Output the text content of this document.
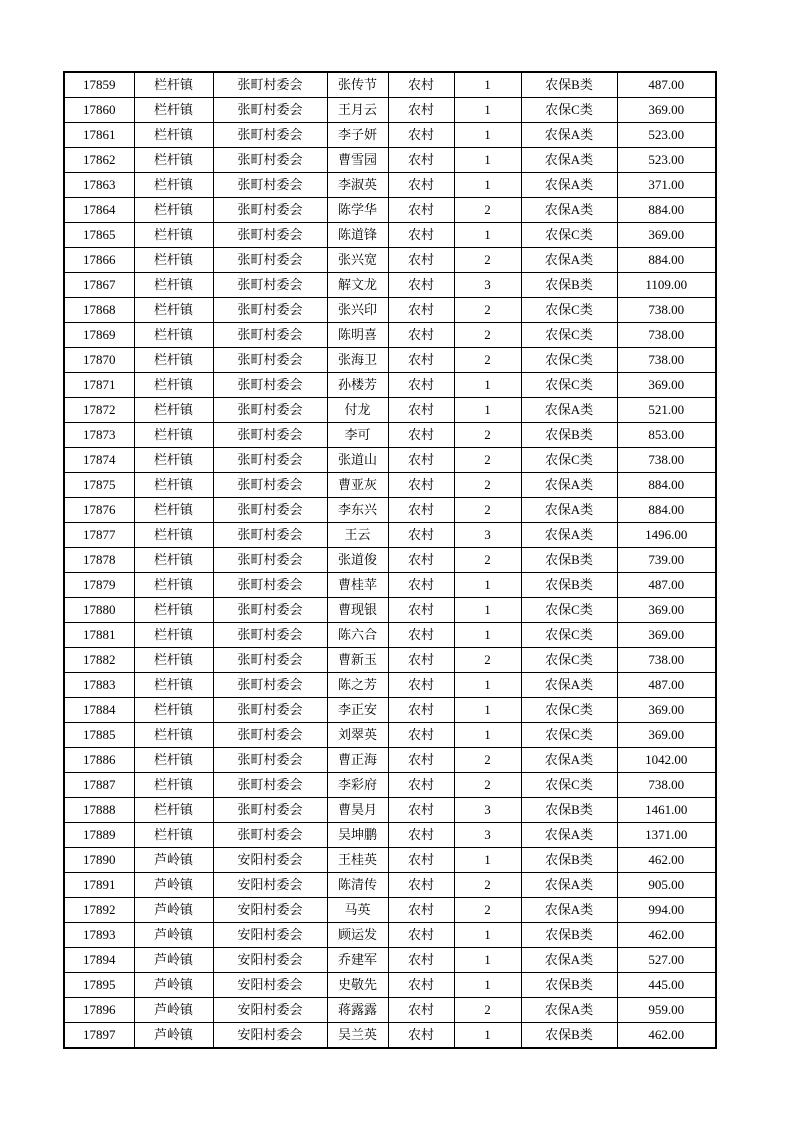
17859	栏杆镇	张町村委会	张传节	农村	1	农保B类	487.00
17860	栏杆镇	张町村委会	王月云	农村	1	农保C类	369.00
17861	栏杆镇	张町村委会	李子妍	农村	1	农保A类	523.00
17862	栏杆镇	张町村委会	曹雪园	农村	1	农保A类	523.00
17863	栏杆镇	张町村委会	李淑英	农村	1	农保A类	371.00
17864	栏杆镇	张町村委会	陈学华	农村	2	农保A类	884.00
17865	栏杆镇	张町村委会	陈道锋	农村	1	农保C类	369.00
17866	栏杆镇	张町村委会	张兴宽	农村	2	农保A类	884.00
17867	栏杆镇	张町村委会	解文龙	农村	3	农保B类	1109.00
17868	栏杆镇	张町村委会	张兴印	农村	2	农保C类	738.00
17869	栏杆镇	张町村委会	陈明喜	农村	2	农保C类	738.00
17870	栏杆镇	张町村委会	张海卫	农村	2	农保C类	738.00
17871	栏杆镇	张町村委会	孙楼芳	农村	1	农保C类	369.00
17872	栏杆镇	张町村委会	付龙	农村	1	农保A类	521.00
17873	栏杆镇	张町村委会	李可	农村	2	农保B类	853.00
17874	栏杆镇	张町村委会	张道山	农村	2	农保C类	738.00
17875	栏杆镇	张町村委会	曹亚灰	农村	2	农保A类	884.00
17876	栏杆镇	张町村委会	李东兴	农村	2	农保A类	884.00
17877	栏杆镇	张町村委会	王云	农村	3	农保A类	1496.00
17878	栏杆镇	张町村委会	张道俊	农村	2	农保B类	739.00
17879	栏杆镇	张町村委会	曹桂苹	农村	1	农保B类	487.00
17880	栏杆镇	张町村委会	曹现银	农村	1	农保C类	369.00
17881	栏杆镇	张町村委会	陈六合	农村	1	农保C类	369.00
17882	栏杆镇	张町村委会	曹新玉	农村	2	农保C类	738.00
17883	栏杆镇	张町村委会	陈之芳	农村	1	农保A类	487.00
17884	栏杆镇	张町村委会	李正安	农村	1	农保C类	369.00
17885	栏杆镇	张町村委会	刘翠英	农村	1	农保C类	369.00
17886	栏杆镇	张町村委会	曹正海	农村	2	农保A类	1042.00
17887	栏杆镇	张町村委会	李彩府	农村	2	农保C类	738.00
17888	栏杆镇	张町村委会	曹昊月	农村	3	农保B类	1461.00
17889	栏杆镇	张町村委会	吴坤鹏	农村	3	农保A类	1371.00
17890	芦岭镇	安阳村委会	王桂英	农村	1	农保B类	462.00
17891	芦岭镇	安阳村委会	陈清传	农村	2	农保A类	905.00
17892	芦岭镇	安阳村委会	马英	农村	2	农保A类	994.00
17893	芦岭镇	安阳村委会	顾运发	农村	1	农保B类	462.00
17894	芦岭镇	安阳村委会	乔建军	农村	1	农保A类	527.00
17895	芦岭镇	安阳村委会	史敬先	农村	1	农保B类	445.00
17896	芦岭镇	安阳村委会	蒋露露	农村	2	农保A类	959.00
17897	芦岭镇	安阳村委会	吴兰英	农村	1	农保B类	462.00
